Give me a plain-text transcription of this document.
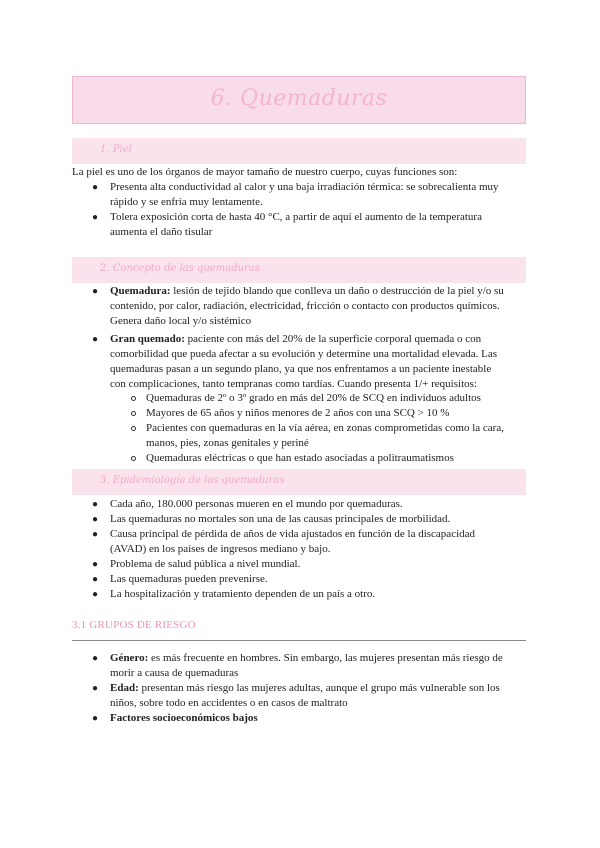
6. Quemaduras
1. Piel
La piel es uno de los órganos de mayor tamaño de nuestro cuerpo, cuyas funciones son:
● Presenta alta conductividad al calor y una baja irradiación térmica: se sobrecalienta muy
rápido y se enfría muy lentamente.
● Tolera exposición corta de hasta 40 °C, a partir de aquí el aumento de la temperatura
aumenta el daño tisular
2. Concepto de las quemaduras
● Quemadura: lesión de tejido blando que conlleva un daño o destrucción de la piel y/o su
contenido, por calor, radiación, electricidad, fricción o contacto con productos químicos.
Genera daño local y/o sistémico
● Gran quemado: paciente con más del 20% de la superficie corporal quemada o con
comorbilidad que pueda afectar a su evolución y determine una mortalidad elevada. Las
quemaduras pasan a un segundo plano, ya que nos enfrentamos a un paciente inestable
con complicaciones, tanto tempranas como tardías. Cuando presenta 1/+ requisitos:
Quemaduras de 2º o 3º grado en más del 20% de SCQ en individuos adultos
Mayores de 65 años y niños menores de 2 años con una SCQ > 10 %
Pacientes con quemaduras en la vía aérea, en zonas comprometidas como la cara,
manos, pies, zonas genitales y periné
Quemaduras eléctricas o que han estado asociadas a politraumatismos
3. Epidemiología de las quemaduras
● Cada año, 180.000 personas mueren en el mundo por quemaduras.
● Las quemaduras no mortales son una de las causas principales de morbilidad.
● Causa principal de pérdida de años de vida ajustados en función de la discapacidad
(AVAD) en los países de ingresos mediano y bajo.
● Problema de salud pública a nivel mundial.
● Las quemaduras pueden prevenirse.
● La hospitalización y tratamiento dependen de un país a otro.
3.1 GRUPOS DE RIESGO
● Género: es más frecuente en hombres. Sin embargo, las mujeres presentan más riesgo de
morir a causa de quemaduras
● Edad: presentan más riesgo las mujeres adultas, aunque el grupo más vulnerable son los
niños, sobre todo en accidentes o en casos de maltrato
● Factores socioeconómicos bajos
